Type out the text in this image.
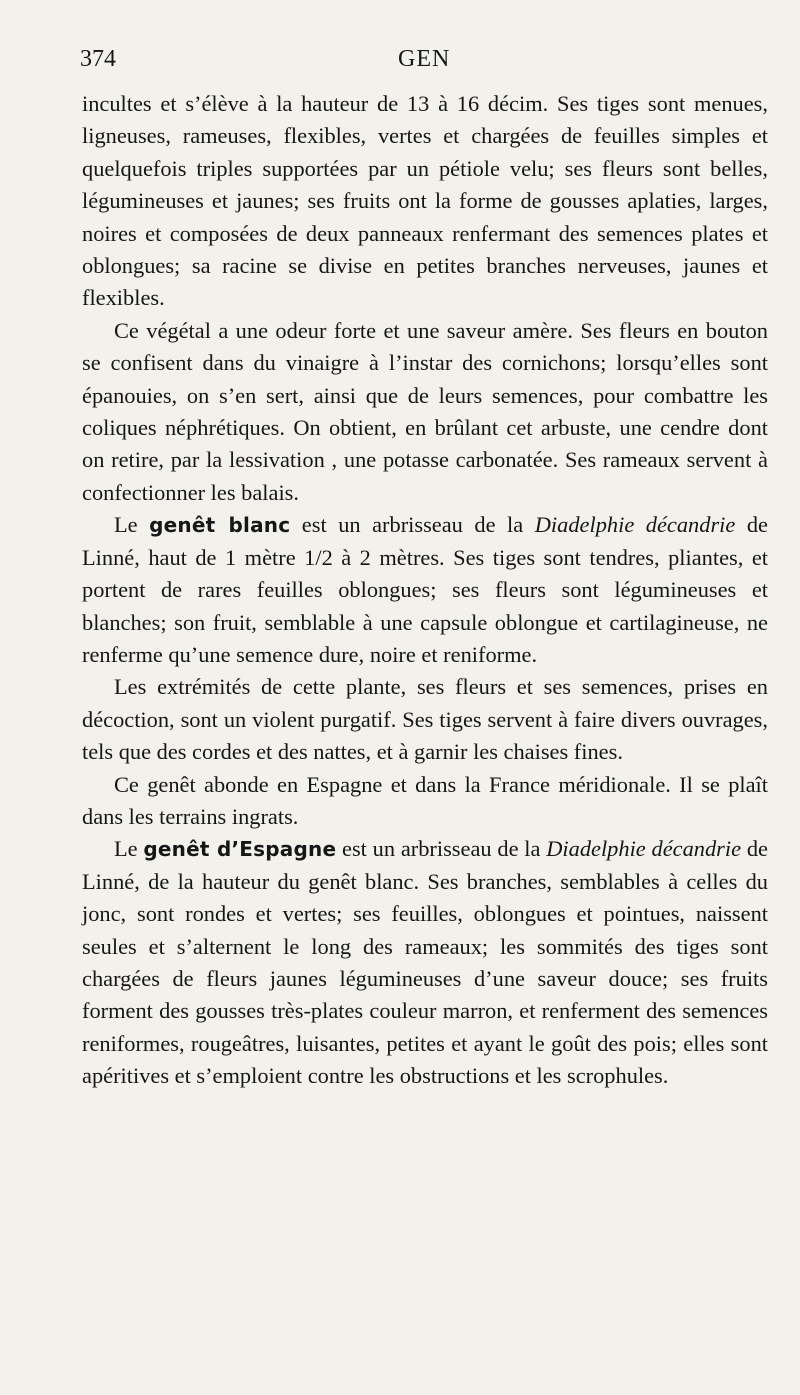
374	GEN

incultes et s’élève à la hauteur de 13 à 16 décim. Ses tiges sont menues, ligneuses, rameuses, flexibles, vertes et chargées de feuilles simples et quelquefois triples supportées par un pétiole velu; ses fleurs sont belles, légumineuses et jaunes; ses fruits ont la forme de gousses aplaties, larges, noires et composées de deux panneaux renfermant des semences plates et oblongues; sa racine se divise en petites branches nerveuses, jaunes et flexibles.

Ce végétal a une odeur forte et une saveur amère. Ses fleurs en bouton se confisent dans du vinaigre à l’instar des cornichons; lorsqu’elles sont épanouies, on s’en sert, ainsi que de leurs semences, pour combattre les coliques néphrétiques. On obtient, en brûlant cet arbuste, une cendre dont on retire, par la lessivation , une potasse carbonatée. Ses rameaux servent à confectionner les balais.

Le genêt blanc est un arbrisseau de la Diadelphie décandrie de Linné, haut de 1 mètre 1/2 à 2 mètres. Ses tiges sont tendres, pliantes, et portent de rares feuilles oblongues; ses fleurs sont légumineuses et blanches; son fruit, semblable à une capsule oblongue et cartilagineuse, ne renferme qu’une semence dure, noire et reniforme.

Les extrémités de cette plante, ses fleurs et ses semences, prises en décoction, sont un violent purgatif. Ses tiges servent à faire divers ouvrages, tels que des cordes et des nattes, et à garnir les chaises fines.

Ce genêt abonde en Espagne et dans la France méridionale. Il se plaît dans les terrains ingrats.

Le genêt d’Espagne est un arbrisseau de la Diadelphie décandrie de Linné, de la hauteur du genêt blanc. Ses branches, semblables à celles du jonc, sont rondes et vertes; ses feuilles, oblongues et pointues, naissent seules et s’alternent le long des rameaux; les sommités des tiges sont chargées de fleurs jaunes légumineuses d’une saveur douce; ses fruits forment des gousses très-plates couleur marron, et renferment des semences reniformes, rougeâtres, luisantes, petites et ayant le goût des pois; elles sont apéritives et s’emploient contre les obstructions et les scrophules.
